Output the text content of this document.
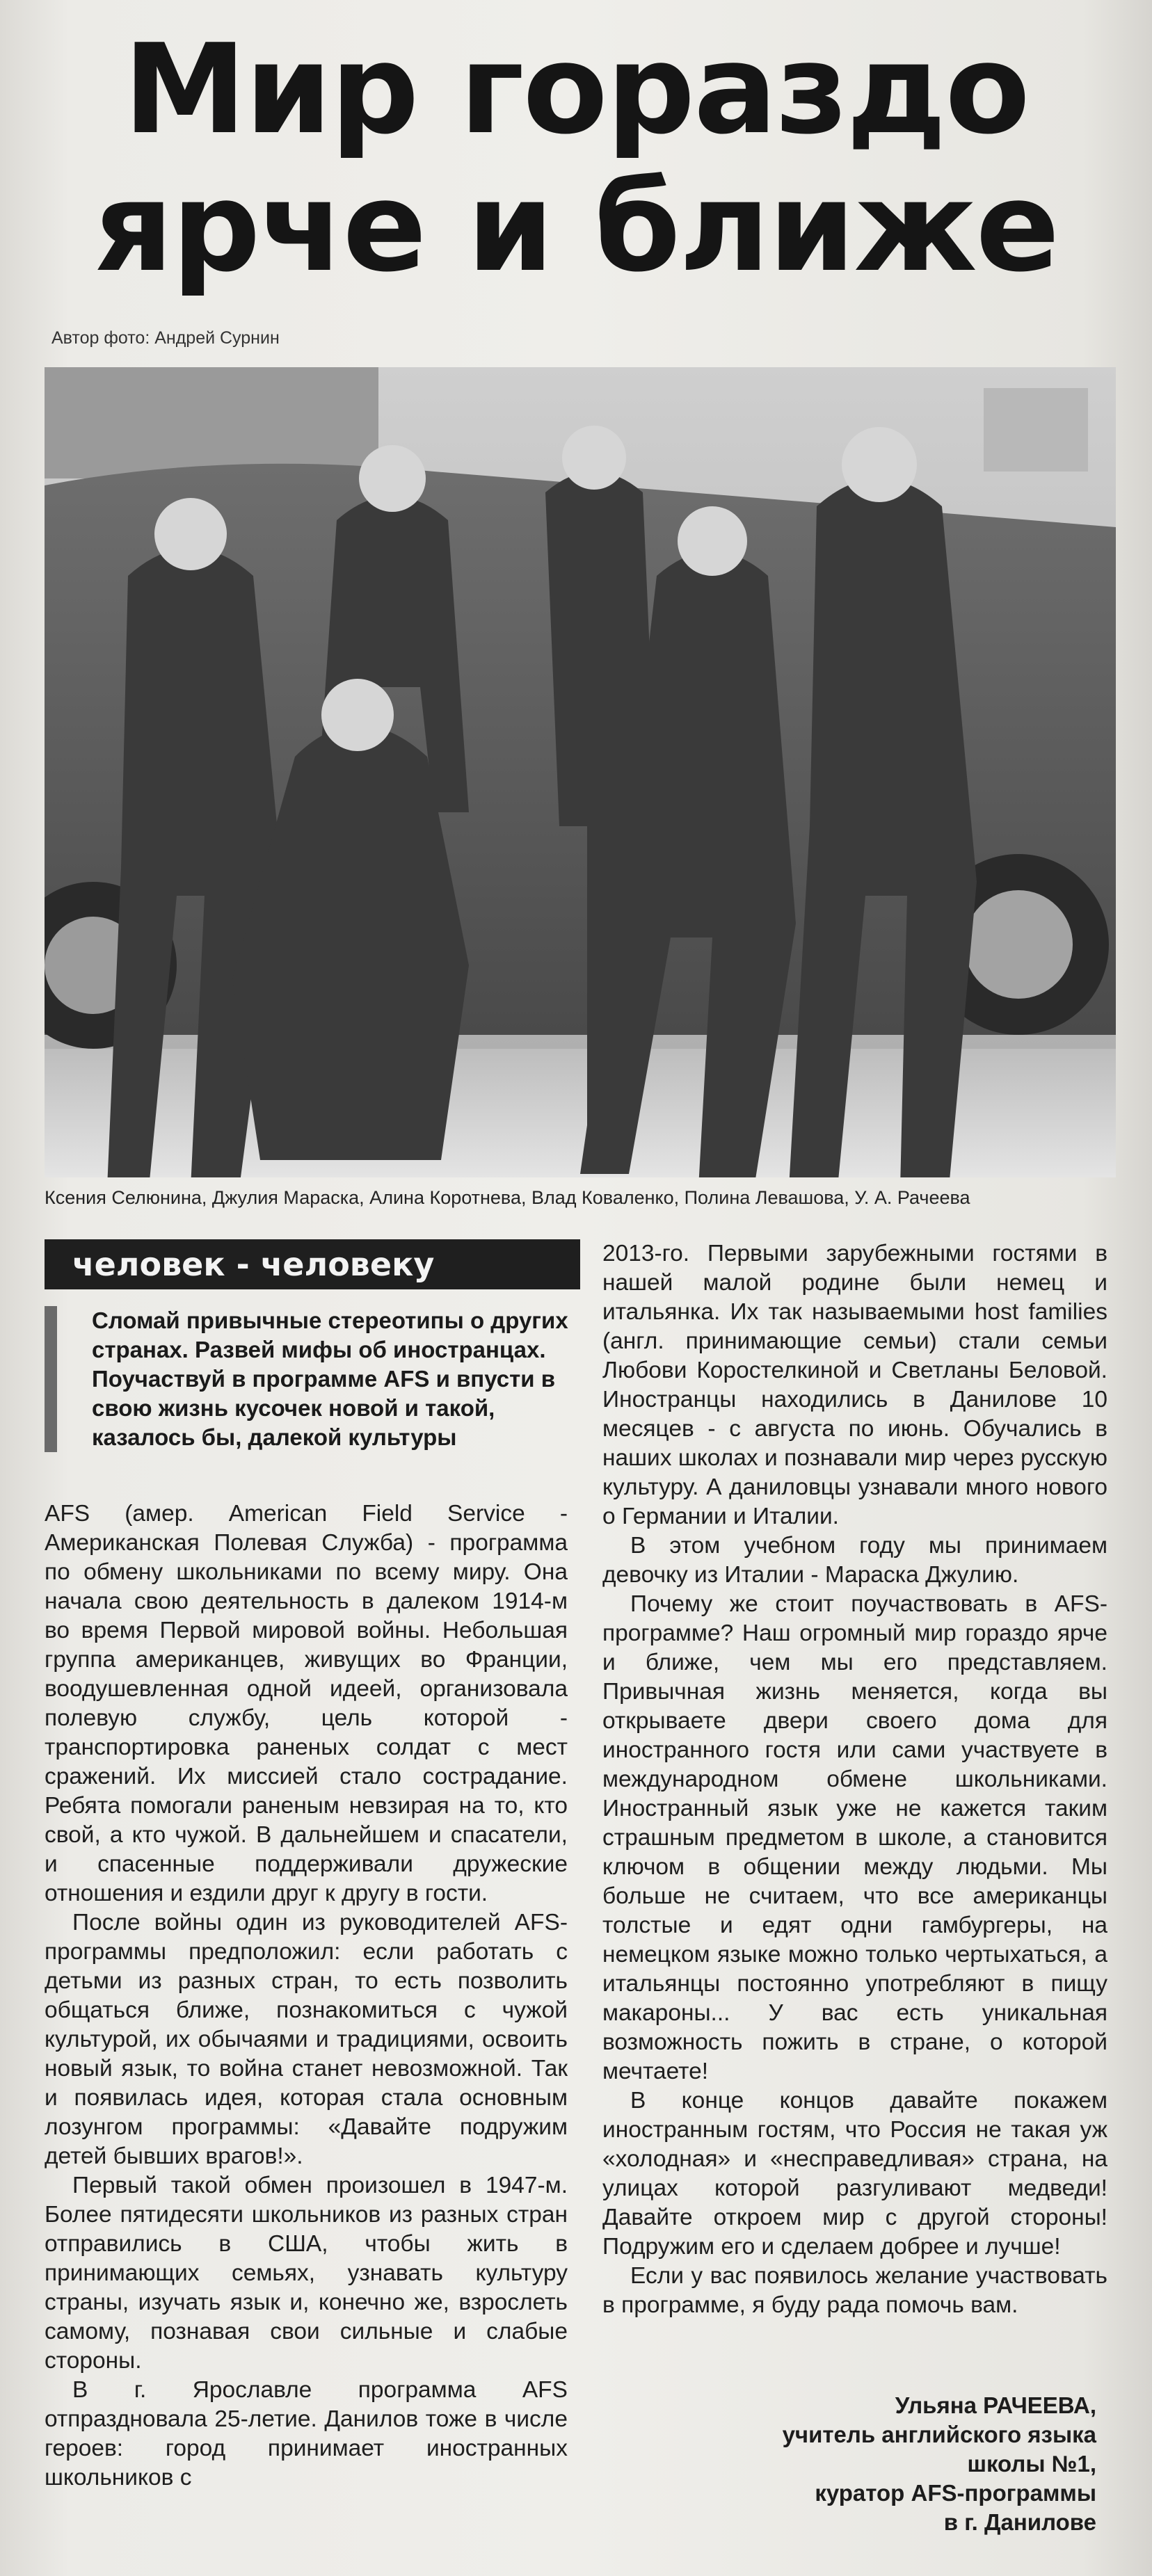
Мир гораздо
ярче и ближе
Автор фото: Андрей Сурнин
Ксения Селюнина, Джулия Мараска, Алина Коротнева, Влад Коваленко, Полина Левашова, У. А. Рачеева
человек - человеку
Сломай привычные стереотипы о других странах. Развей мифы об иностранцах. Поучаствуй в программе AFS и впусти в свою жизнь кусочек новой и такой, казалось бы, далекой культуры

AFS (амер. American Field Service - Американская Полевая Служба) - программа по обмену школьниками по всему миру. Она начала свою деятельность в далеком 1914-м во время Первой мировой войны. Небольшая группа американцев, живущих во Франции, воодушевленная одной идеей, организовала полевую службу, цель которой - транспортировка раненых солдат с мест сражений. Их миссией стало сострадание. Ребята помогали раненым невзирая на то, кто свой, а кто чужой. В дальнейшем и спасатели, и спасенные поддерживали дружеские отношения и ездили друг к другу в гости.

После войны один из руководителей AFS-программы предположил: если работать с детьми из разных стран, то есть позволить общаться ближе, познакомиться с чужой культурой, их обычаями и традициями, освоить новый язык, то война станет невозможной. Так и появилась идея, которая стала основным лозунгом программы: «Давайте подружим детей бывших врагов!».

Первый такой обмен произошел в 1947-м. Более пятидесяти школьников из разных стран отправились в США, чтобы жить в принимающих семьях, узнавать культуру страны, изучать язык и, конечно же, взрослеть самому, познавая свои сильные и слабые стороны.

В г. Ярославле программа AFS отпраздновала 25-летие. Данилов тоже в числе героев: город принимает иностранных школьников с

2013-го. Первыми зарубежными гостями в нашей малой родине были немец и итальянка. Их так называемыми host families (англ. принимающие семьи) стали семьи Любови Коростелкиной и Светланы Беловой. Иностранцы находились в Данилове 10 месяцев - с августа по июнь. Обучались в наших школах и познавали мир через русскую культуру. А даниловцы узнавали много нового о Германии и Италии.

В этом учебном году мы принимаем девочку из Италии - Мараска Джулию.

Почему же стоит поучаствовать в AFS-программе? Наш огромный мир гораздо ярче и ближе, чем мы его представляем. Привычная жизнь меняется, когда вы открываете двери своего дома для иностранного гостя или сами участвуете в международном обмене школьниками. Иностранный язык уже не кажется таким страшным предметом в школе, а становится ключом в общении между людьми. Мы больше не считаем, что все американцы толстые и едят одни гамбургеры, на немецком языке можно только чертыхаться, а итальянцы постоянно употребляют в пищу макароны... У вас есть уникальная возможность пожить в стране, о которой мечтаете!

В конце концов давайте покажем иностранным гостям, что Россия не такая уж «холодная» и «несправедливая» страна, на улицах которой разгуливают медведи! Давайте откроем мир с другой стороны! Подружим его и сделаем добрее и лучше!

Если у вас появилось желание участвовать в программе, я буду рада помочь вам.

Ульяна РАЧЕЕВА,
учитель английского языка
школы №1,
куратор AFS-программы
в г. Данилове
